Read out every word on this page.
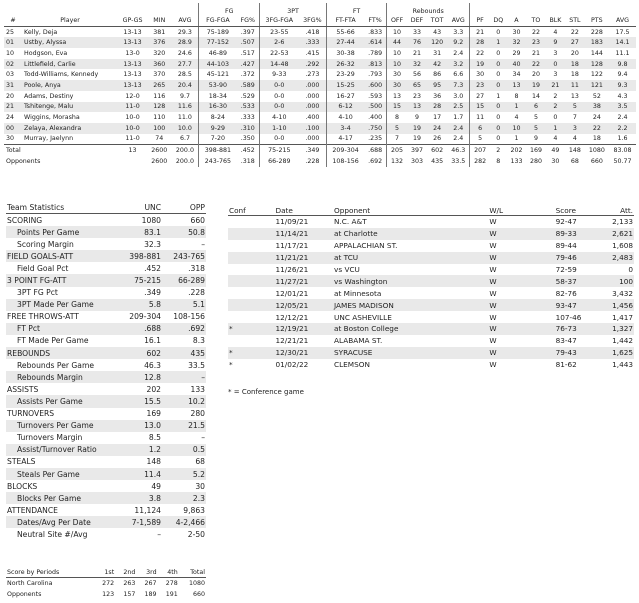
					FG		3PT		FT		Rebounds											
#	Player	GP-GS	MIN	AVG	FG-FGA	FG%	3FG-FGA	3FG%	FT-FTA	FT%	OFF	DEF	TOT	AVG	PF	DQ	A	TO	BLK	STL	PTS	AVG
25	Kelly, Deja	13-13	381	29.3	75-189	.397	23-55	.418	55-66	.833	10	33	43	3.3	21	0	30	22	4	22	228	17.5
01	Ustby, Alyssa	13-13	376	28.9	77-152	.507	2-6	.333	27-44	.614	44	76	120	9.2	28	1	32	23	9	27	183	14.1
10	Hodgson, Eva	13-0	320	24.6	46-89	.517	22-53	.415	30-38	.789	10	21	31	2.4	22	0	29	21	3	20	144	11.1
02	Littlefield, Carlie	13-13	360	27.7	44-103	.427	14-48	.292	26-32	.813	10	32	42	3.2	19	0	40	22	0	18	128	9.8
03	Todd-Williams, Kennedy	13-13	370	28.5	45-121	.372	9-33	.273	23-29	.793	30	56	86	6.6	30	0	34	20	3	18	122	9.4
31	Poole, Anya	13-13	265	20.4	53-90	.589	0-0	.000	15-25	.600	30	65	95	7.3	23	0	13	19	21	11	121	9.3
20	Adams, Destiny	12-0	116	9.7	18-34	.529	0-0	.000	16-27	.593	13	23	36	3.0	27	1	8	14	2	13	52	4.3
21	Tshitenge, Malu	11-0	128	11.6	16-30	.533	0-0	.000	6-12	.500	15	13	28	2.5	15	0	1	6	2	5	38	3.5
24	Wiggins, Morasha	10-0	110	11.0	8-24	.333	4-10	.400	4-10	.400	8	9	17	1.7	11	0	4	5	0	7	24	2.4
00	Zelaya, Alexandra	10-0	100	10.0	9-29	.310	1-10	.100	3-4	.750	5	19	24	2.4	6	0	10	5	1	3	22	2.2
30	Murray, Jaelynn	11-0	74	6.7	7-20	.350	0-0	.000	4-17	.235	7	19	26	2.4	5	0	1	9	4	4	18	1.6
Total		13	2600	200.0	398-881	.452	75-215	.349	209-304	.688	205	397	602	46.3	207	2	202	169	49	148	1080	83.08
Opponents			2600	200.0	243-765	.318	66-289	.228	108-156	.692	132	303	435	33.5	282	8	133	280	30	68	660	50.77
Team Statistics	UNC	OPP
SCORING	1080	660
Points Per Game	83.1	50.8
Scoring Margin	32.3	–
FIELD GOALS-ATT	398-881	243-765
Field Goal Pct	.452	.318
3 POINT FG-ATT	75-215	66-289
3PT FG Pct	.349	.228
3PT Made Per Game	5.8	5.1
FREE THROWS-ATT	209-304	108-156
FT Pct	.688	.692
FT Made Per Game	16.1	8.3
REBOUNDS	602	435
Rebounds Per Game	46.3	33.5
Rebounds Margin	12.8	–
ASSISTS	202	133
Assists Per Game	15.5	10.2
TURNOVERS	169	280
Turnovers Per Game	13.0	21.5
Turnovers Margin	8.5	–
Assist/Turnover Ratio	1.2	0.5
STEALS	148	68
Steals Per Game	11.4	5.2
BLOCKS	49	30
Blocks Per Game	3.8	2.3
ATTENDANCE	11,124	9,863
Dates/Avg Per Date	7-1,589	4-2,466
Neutral Site #/Avg	–	2-50
Conf	Date	Opponent	W/L	Score	Att.
	11/09/21	N.C. A&T	W	92-47	2,133
	11/14/21	at Charlotte	W	89-33	2,621
	11/17/21	APPALACHIAN ST.	W	89-44	1,608
	11/21/21	at TCU	W	79-46	2,483
	11/26/21	vs VCU	W	72-59	0
	11/27/21	vs Washington	W	58-37	100
	12/01/21	at Minnesota	W	82-76	3,432
	12/05/21	JAMES MADISON	W	93-47	1,456
	12/12/21	UNC ASHEVILLE	W	107-46	1,417
*	12/19/21	at Boston College	W	76-73	1,327
	12/21/21	ALABAMA ST.	W	83-47	1,442
*	12/30/21	SYRACUSE	W	79-43	1,625
*	01/02/22	CLEMSON	W	81-62	1,443
* = Conference game
Score by Periods	1st	2nd	3rd	4th	Total
North Carolina	272	263	267	278	1080
Opponents	123	157	189	191	660
